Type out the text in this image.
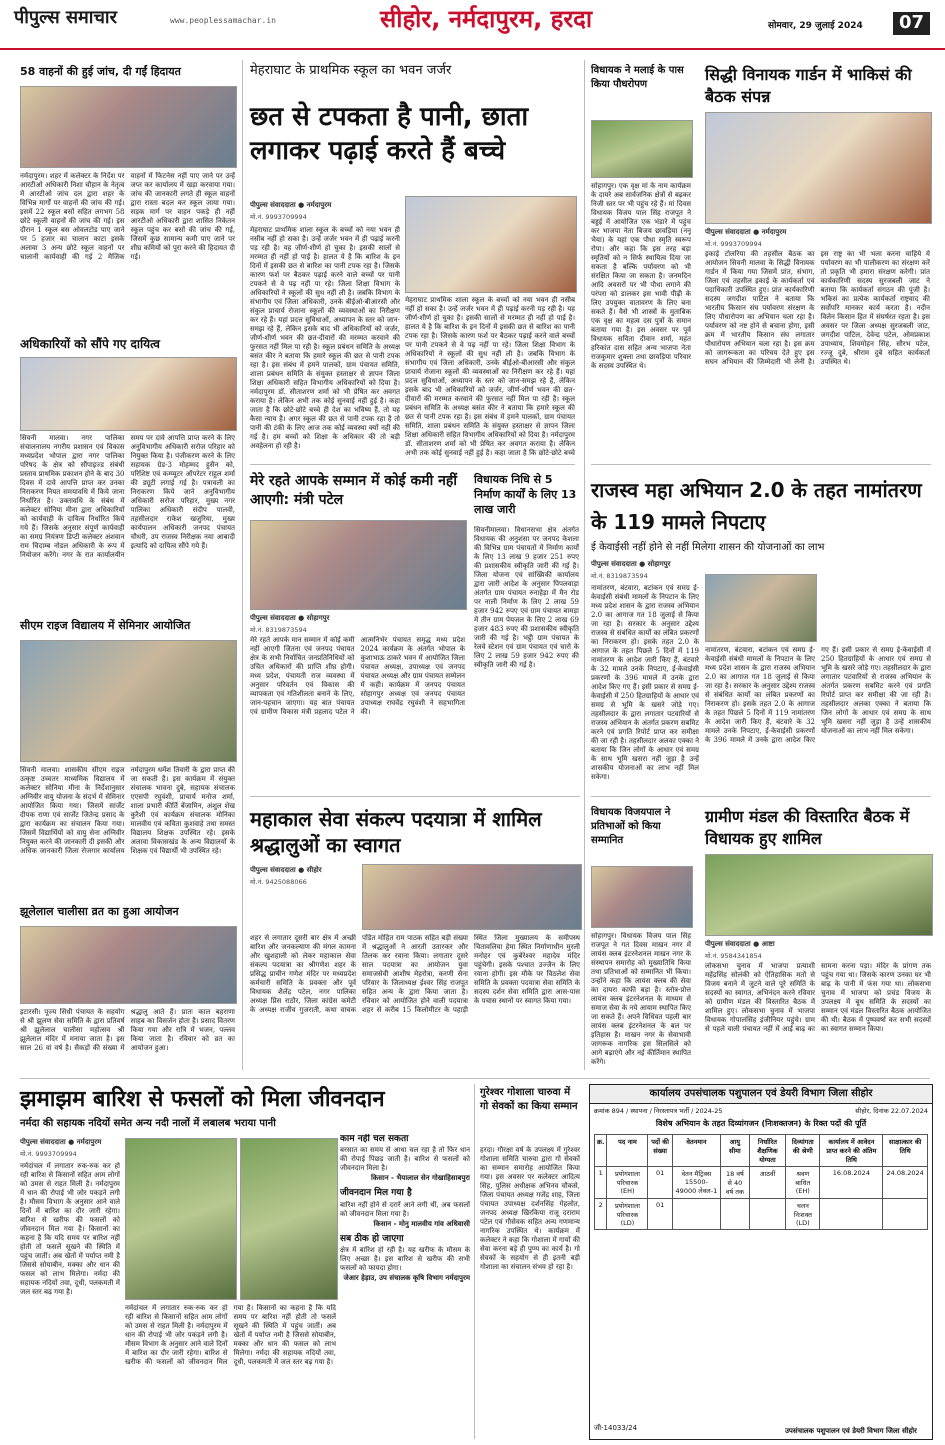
पीपुल्स समाचार	www.peoplessamachar.in	सीहोर, नर्मदापुरम, हरदा	सोमवार, 29 जुलाई 2024	07
58 वाहनों की हुई जांच, दी गईं हिदायत
नर्मदापुरम। शहर में कलेक्टर के निर्देश पर आरटीओ अधिकारी निशा चौहान के नेतृत्व में आरटीओ जांच दल द्वारा शहर के विभिन्न मार्गों पर वाहनों की जांच की गई। इसमें 22 स्कूल बसों सहित लगभग 58 छोटे स्कूली वाहनों की जांच की गई। इस दौरान 1 स्कूल बस ओवलटोड पाए जाने पर 5 हजार का चालान काटा इसके अलावा 3 अन्य छोटे स्कूल वाहनों पर चालानी कार्यवाही की गई 2 मैजिक वाहनों में फिटनेस नहीं पाए जाने पर उन्हें जप्त कर कार्यालय में खड़ा करवाया गया। जांच की जानकारी लगते ही स्कूल वाहनों द्वारा रास्ता बदल कर स्कूल जाया गया। सड़क मार्ग पर वाहन पकड़े ही नहीं आरटीओ अधिकारी द्वारा शासित निकेतन स्कूल पहुंच कर बसों की जांच की गई, जिसमें कुछ सामान्य कमी पाए जाने पर शीघ्र कमियों को पूरा करने की हिदायत दी गई।
अधिकारियों को सौंपे गए दायित्व
सिवनी मालवा। नगर पालिका संचालनालय नगरीय प्रशासन एवं विकास मध्यप्रदेश भोपाल द्वारा नगर पालिका परिषद के क्षेत्र को सौंपाइज्ड संबंधी प्रस्ताव प्राथमिक प्रकाशन होने के बाद 30 दिवस में दावे आपत्ति प्राप्त कर उनका निराकरण नियत समयावधि में किये जाना निर्धारित है। उक्तावधि के संबंध में कलेक्टर सोनिया मीना द्वारा अधिकारियों को कार्यवाही के दायित्व निर्धारित किये गये हैं। जिसके अनुसार संपूर्ण कार्यवाही का समग्र नियंत्रण डिप्टी कलेक्टर अंशवान राम चिदाम्ब नोडल अधिकारी के रूप में नियोजन करेंगे। नगर के रात कार्यालयीन समय पर दावे आपत्ति प्राप्त करने के लिए अनुविभागीय अधिकारी सरोज परिहार को नियुक्त किया है। पंजीकरण करने के लिए सहायक ग्रेड-3 मोहम्मद हुसैन को, परिशिष्ट एवं कम्प्यूटर ऑपरेटर राहुल शर्मा की ड्यूटी लगाई गई है। पत्रावली का निराकरण किये जाने अनुविभागीय अधिकारी सरोज परिहार, मुख्य नगर पालिका अधिकारी संदीप पालवी, तहसीलदार राकेश खजुरिया, मुख्य कार्यपालन अधिकारी जनपद पंचायत चौधरी, उप राजस्व निरीक्षक नया आबादी इत्यादि को दायित्व सौंपे गये हैं।
सीएम राइज विद्यालय में सेमिनार आयोजित
सिवनी मालवा। शासकीय सीएम राइज उत्कृष्ट उच्चतर माध्यमिक विद्यालय में कलेक्टर सोनिया मीना के निर्देशानुसार अग्निवीर वायु योजना के संदर्भ में सेमिनार आयोजित किया गया। जिसमें सार्जेंट दीपक राणा एवं सार्जेंट जितेन्द्र प्रसाद के द्वारा कार्यक्रम का संचालन किया गया। जिसमें विद्यार्थियों को वायु सेना अग्निवीर नियुक्त करने की जानकारी दी इसकी और अधिक जानकारी जिला रोजगार कार्यालय नर्मदापुरम धर्मेश तिवारी के द्वारा प्राप्त की जा सकती है। इस कार्यक्रम में संयुक्त संचालक भावना दुबे, सहायक संचालक एएसपी रघुवंशी, प्राचार्य मनोज शर्मा, शाला प्रभारी कीर्ति बेंजामिन, अंशुल शेख कुरैशी एवं कार्यक्रम संचालक मोनिका मालवीय एवं कविता कुशवाहे तथा समस्त विद्यालय शिक्षक उपस्थित रहे। इसके अलावा विकासखंड के अन्य विद्यालयों के शिक्षक एवं विद्यार्थी भी उपस्थित रहे।
झूलेलाल चालीसा व्रत का हुआ आयोजन
इटारसी। पूज्य सिंधी पंचायत के सहयोग से श्री झूलण सेवा समिति के द्वारा प्रतिवर्ष श्री झूलेलाल चालीसा महोत्सव श्री झूलेलाल मंदिर में मनाया जाता है। इस साल 26 वां वर्ष है। सैकड़ों की संख्या में श्रद्धालु आते हैं। प्रातः काल बहराणा साहब का विसर्जन होता है। प्रसाद वितरण किया गया और रात्रि में भजन, पल्लव किया जाता है। रविवार को व्रत का आयोजन हुआ।
मेहराघाट के प्राथमिक स्कूल का भवन जर्जर
छत से टपकता है पानी, छाता लगाकर पढ़ाई करते हैं बच्चे
पीपुल्स संवाददाता ● नर्मदापुरम
मो.नं. 9993709994
मेहराघाट प्राथमिक शाला स्कूल के बच्चों को नया भवन ही नसीब नहीं हो सका है। उन्हें जर्जर भवन में ही पढ़ाई करनी पड़ रही है। यह जीर्ण-शीर्ण हो चुका है। इसकी सालों से मरम्मत ही नहीं हो पाई है। हालत ये है कि बारिश के इन दिनों में इसकी छत से बारिश का पानी टपक रहा है। जिसके कारण फर्श पर बैठकर पढ़ाई करने वाले बच्चों पर पानी टपकने से वे पढ़ नहीं पा रहे। जिला शिक्षा विभाग के अधिकारियों ने स्कूलों की सुध नहीं ली है। जबकि विभाग के संभागीय एवं जिला अधिकारी, उनके बीईओ-बीआरसी और संकुल प्राचार्य रोजाना स्कूलों की व्यवस्थाओं का निरीक्षण कर रहे हैं। यहां प्रदत्त सुविधाओं, अध्यापन के स्तर को जान-समझ रहे हैं, लेकिन इसके बाद भी अधिकारियों को जर्जर, जीर्ण-शीर्ण भवन की छत-दीवारों की मरम्मत करवाने की फुरसत नहीं मिल पा रही है। स्कूल प्रबंधन समिति के अध्यक्ष बसंत कीर ने बताया कि हमारे स्कूल की छत से पानी टपक रहा है। इस संबंध में हमने पालकों, ग्राम पंचायत समिति, शाला प्रबंधन समिति के संयुक्त हस्ताक्षर से ज्ञापन जिला शिक्षा अधिकारी सहित विभागीय अधिकारियों को दिया है। नर्मदापुरम डॉ. सीताशरण शर्मा को भी प्रेषित कर अवगत कराया है। लेकिन अभी तक कोई सुनवाई नहीं हुई है। कहा जाता है कि छोटे-छोटे बच्चे ही देश का भविष्य हैं, तो यह कैसा न्याय है। अगर स्कूल की छत से पानी टपक रहा है तो पानी की टंकी के लिए आज तक कोई व्यवस्था क्यों नहीं की गई है। हम बच्चों को शिक्षा के अधिकार की तो बड़ी अवहेलना हो रही है।
मेहराघाट प्राथमिक शाला स्कूल के बच्चों को नया भवन ही नसीब नहीं हो सका है। उन्हें जर्जर भवन में ही पढ़ाई करनी पड़ रही है। यह जीर्ण-शीर्ण हो चुका है। इसकी सालों से मरम्मत ही नहीं हो पाई है। हालत ये है कि बारिश के इन दिनों में इसकी छत से बारिश का पानी टपक रहा है। जिसके कारण फर्श पर बैठकर पढ़ाई करने वाले बच्चों पर पानी टपकने से वे पढ़ नहीं पा रहे। जिला शिक्षा विभाग के अधिकारियों ने स्कूलों की सुध नहीं ली है। जबकि विभाग के संभागीय एवं जिला अधिकारी, उनके बीईओ-बीआरसी और संकुल प्राचार्य रोजाना स्कूलों की व्यवस्थाओं का निरीक्षण कर रहे हैं। यहां प्रदत्त सुविधाओं, अध्यापन के स्तर को जान-समझ रहे हैं, लेकिन इसके बाद भी अधिकारियों को जर्जर, जीर्ण-शीर्ण भवन की छत-दीवारों की मरम्मत करवाने की फुरसत नहीं मिल पा रही है। स्कूल प्रबंधन समिति के अध्यक्ष बसंत कीर ने बताया कि हमारे स्कूल की छत से पानी टपक रहा है। इस संबंध में हमने पालकों, ग्राम पंचायत समिति, शाला प्रबंधन समिति के संयुक्त हस्ताक्षर से ज्ञापन जिला शिक्षा अधिकारी सहित विभागीय अधिकारियों को दिया है। नर्मदापुरम डॉ. सीताशरण शर्मा को भी प्रेषित कर अवगत कराया है। लेकिन अभी तक कोई सुनवाई नहीं हुई है। कहा जाता है कि छोटे-छोटे बच्चे
मेरे रहते आपके सम्मान में कोई कमी नहीं आएगी: मंत्री पटेल
पीपुल्स संवाददाता ● सोहागपुर
मो.नं. 8319873594
मेरे रहते आपके मान सम्मान में कोई कमी नहीं आएगी जितना एवं जनपद पंचायत क्षेत्र के सभी निर्वाचित जनप्रतिनिधियों को उचित अधिकारों की प्राप्ति शीघ्र होगी। मध्य प्रदेश, पंचायती राज व्यवस्था में अनुसार परिवर्तन एवं विकास की व्यापकता एवं गतिशीलता बनाने के लिए, जान-पहचान जाएगा। यह बात पंचायत एवं ग्रामीण विकास मंत्री प्रहलाद पटेल ने आत्मनिर्भर पंचायत समृद्ध मध्य प्रदेश 2024 कार्यक्रम के अंतर्गत भोपाल के कुशाभाऊ ठाकरे भवन में आयोजित जिला पंचायत अध्यक्ष, उपाध्यक्ष एवं जनपद पंचायत अध्यक्ष और ग्राम पंचायत सम्मेलन में कही। कार्यक्रम में जनपद पंचायत सोहागपुर अध्यक्ष एवं जनपद पंचायत उपाध्यक्ष राघवेंद्र रघुवंशी ने सहभागिता की।
विधायक निधि से 5 निर्माण कार्यों के लिए 13 लाख जारी
सिवनीमालवा। विधानसभा क्षेत्र अंतर्गत विधायक की अनुशंसा पर जनपद केशला की विभिन्न ग्राम पंचायतों में निर्माण कार्यों के लिए 13 लाख 9 हजार 251 रुपए की प्रशासकीय स्वीकृति जारी की गई है। जिला योजना एवं सांख्यिकी कार्यालय द्वारा जारी आदेश के अनुसार पिपलवाड़ा अंतर्गत ग्राम पंचायत रुनाहेड़ा में मैन रोड पर नाली निर्माण के लिए 2 लाख 59 हजार 942 रुपए एवं ग्राम पंचायत बामड़ा में तीन ग्राम पेयजल के लिए 2 लाख 69 हजार 483 रुपए की प्रशासकीय स्वीकृति जारी की गई है। भट्ठी ग्राम पंचायत के रेलवे स्टेशन एवं ग्राम पंचायत एवं चारो के लिए 2 लाख 59 हजार 942 रुपए की स्वीकृति जारी की गई है।
महाकाल सेवा संकल्प पदयात्रा में शामिल श्रद्धालुओं का स्वागत
पीपुल्स संवाददाता ● सीहोर
मो.नं. 9425088066
शहर से लगातार दूसरी बार क्षेत्र में अच्छी बारिश और जनकल्याण की मंगल कामना और खुशहाली को लेकर महाकाल सेवा संकल्प पदयात्रा का श्रीगणेश शहर के प्रसिद्ध प्राचीन गणेश मंदिर पर मध्यप्रदेश कर्मचारी समिति के प्रवक्ता और पूर्व विधायक शैलेंद्र पटेल, नगर पालिका अध्यक्ष प्रिंस राठौर, जिला कांग्रेस कमेटी के अध्यक्ष राजीव गुजराती, कथा वाचक पंडित मोहित राम पाठक सहित बड़ी संख्या में श्रद्धालुओं ने आरती उतारकर और तिलक कर रवाना किया। लगातार दूसरे साल पदयात्रा का आयोजन युवा समाजसेवी आशीष मेहरोत्रा, करणी सेना परिवार के जिलाध्यक्ष ईश्वर सिंह राजपूत सहित अन्य के द्वारा किया जाता है। रविवार को आयोजित होने वाली पदयात्रा शहर से करीब 15 किलोमीटर के पहाड़ी स्थित जिला मुख्यालय के समीपस्थ चितावलिया हेमा स्थित निर्माणाधीन मुरली मनोहर एवं कुबेरेश्वर महादेव मंदिर पहुंचेगी। इसके पश्चात उज्जैन के लिए रवाना होगी। इस मौके पर विठलेश सेवा समिति के प्रवक्ता पदयात्रा सेवा समिति के सदस्य दर्शन सेवा समिति द्वारा आस-पास के पचास स्थानों पर स्वागत किया गया।
विधायक ने मलाई के पास किया पौधरोपण
सोहागपुर। एक वृक्ष मां के नाम कार्यक्रम के दायरे अब सार्वजनिक क्षेत्रों से बढ़कर निजी स्तर पर भी पहुंच रहे हैं। मां दिवस विधायक विजय पाल सिंह राजपूत ने बड्डई में आयोजित एक भंडारे में पहुंच कर भाजपा नेता बिजय छावड़िया (ननू भैया) के यहां एक पौधा स्मृति स्वरूप रोपा। और कहा कि इस तरह बड़ा स्मृतियों को न सिर्फ स्थायित्व दिया जा सकता है बल्कि पर्यावरण को भी संरक्षित किया जा सकता है। जनमदिन आदि अवसरों पर भी पौधा लगाने की परंपरा को डालकर इस भावी पीढ़ी के लिए उपयुक्त वातावरण के लिए बना सकते हैं। वैसे भी शास्त्रों के मुताबिक एक वृक्ष का महत्व दस पुत्रों के समान बताया गया है। इस अवसर पर पूर्व विधायक सविता दीवान शर्मा, महंत हरिकांत दास सहित अन्य भाजपा नेता राजकुमार शुक्ला तथा छावड़िया परिवार के सदस्य उपस्थित थे।
सिद्धी विनायक गार्डन में भाकिसं की बैठक संपन्न
पीपुल्स संवाददाता ● नर्मदापुरम
मो.नं. 9993709994
इकाई टोलरिया की तहसील बैठक का आयोजन सिवनी मालवा के सिद्धी विनायक गार्डन में किया गया जिसमें प्रांत, संभाग, जिला एवं तहसील इकाई के कार्यकर्ता एवं पदाधिकारी उपस्थित हुए। प्रांत कार्यकारिणी सदस्य जगदीश पाटिल ने बताया कि भारतीय किसान संघ पर्यावरण संरक्षण के लिए पौधारोपण का अभियान चला रहा है। पर्यावरण को नष्ट होने से बचाना होगा, इसी क्रम में भारतीय किसान संघ लगातार पौधारोपण अभियान चला रहा है। इस क्रम को जागरूकता का परिचय देते हुए इस सघन अभियान की जिम्मेदारी भी लेनी है। इस राष्ट्र का भी भला करना चाहिये ये पर्यावरण का भी पालीकरण का संरक्षण करें तो प्रकृति भी हमारा संरक्षण करेगी। प्रांत कार्यकारिणी सदस्य सुरजबली जाट ने बताया कि कार्यकर्ता संगठन की पूंजी है। भकिसं का प्रत्येक कार्यकर्ता राष्ट्रवाद की सर्वोपरि मानकर कार्य करता है। नदीन विलेन किसान हित में संघर्षरत रहता है। इस अवसर पर जिला अध्यक्ष सुरजबली जाट, जगदीश पाटिल, देवेन्द्र पटेल, ओमप्रकाश उपाध्याय, शिवमोहन सिंह, सौरभ पटेल, रज्जू दुबे, श्रीराम दुबे सहित कार्यकर्ता उपस्थित थे।
राजस्व महा अभियान 2.0 के तहत नामांतरण के 119 मामले निपटाए
ई केवाईसी नहीं होने से नहीं मिलेगा शासन की योजनाओं का लाभ
पीपुल्स संवाददाता ● सोहागपुर
मो.नं. 8319873594
नामांतरण, बंटवारा, बटांकन एवं समग्र ई-केवाईसी संबंधी मामलों के निपटान के लिए मध्य प्रदेश शासन के द्वारा राजस्व अभियान 2.0 का आगाज गत 18 जुलाई से किया जा रहा है। सरकार के अनुसार उद्देश्य राजस्व से संबंधित कार्यों का लंबित प्रकरणों का निराकरण हो। इसके तहत 2.0 के आगाज के तहत पिछले 5 दिनों में 119 नामांतरण के आदेश जारी किए हैं, बंटवारे के 32 मामले उनके निपटाए, ई-केवाईसी प्रकरणों के 396 मामले में उनके द्वारा आदेश किए गए हैं। इसी प्रकार से समग्र ई-केवाईसी में 250 हितग्राहियों के आधार एवं समग्र से भूमि के खसरे जोड़े गए। तहसीलदार के द्वारा लगातार पटवारियों से राजस्व अभियान के अंतर्गत प्रकरण सबमिट करने एवं प्रगति रिपोर्ट प्राप्त कर समीक्षा की जा रही है। तहसीलदार अलका एक्का ने बताया कि जिन लोगों के आधार एवं समग्र के साथ भूमि खसरा नहीं जुड़ा है उन्हें शासकीय योजनाओं का लाभ नहीं मिल सकेगा।
नामांतरण, बंटवारा, बटांकन एवं समग्र ई-केवाईसी संबंधी मामलों के निपटान के लिए मध्य प्रदेश शासन के द्वारा राजस्व अभियान 2.0 का आगाज गत 18 जुलाई से किया जा रहा है। सरकार के अनुसार उद्देश्य राजस्व से संबंधित कार्यों का लंबित प्रकरणों का निराकरण हो। इसके तहत 2.0 के आगाज के तहत पिछले 5 दिनों में 119 नामांतरण के आदेश जारी किए हैं, बंटवारे के 32 मामले उनके निपटाए, ई-केवाईसी प्रकरणों के 396 मामले में उनके द्वारा आदेश किए गए हैं। इसी प्रकार से समग्र ई-केवाईसी में 250 हितग्राहियों के आधार एवं समग्र से भूमि के खसरे जोड़े गए। तहसीलदार के द्वारा लगातार पटवारियों से राजस्व अभियान के अंतर्गत प्रकरण सबमिट करने एवं प्रगति रिपोर्ट प्राप्त कर समीक्षा की जा रही है। तहसीलदार अलका एक्का ने बताया कि जिन लोगों के आधार एवं समग्र के साथ भूमि खसरा नहीं जुड़ा है उन्हें शासकीय योजनाओं का लाभ नहीं मिल सकेगा।
विधायक विजयपाल ने प्रतिभाओं को किया सम्मानित
सोहागपुर। विधायक विजय पाल सिंह राजपूत ने गत दिवस माखन नगर में लायंस क्लब इंटरनेशनल माखन नगर के संस्थापन समारोह को मुख्यातिथि किया तथा प्रतिभाओं को सम्मानित भी किया। उन्होंने कहा कि लायंस क्लब की सेवा का दायरा काफी बड़ा है। स्तोत्र-प्रोत्त लायंस क्लब इंटरनेशनल के माध्यम से समाज सेवा के नये आयाम स्थापित किए जा सकते हैं। अपने विधिवत पहली बार लायंस क्लब इंटरनेशनल के बल पर इतिहास है। माखन नगर के सेवाभावी जागरूक नागरिक इस सिलसिले को आगे बढ़ाएंगे और नई कीर्तिमान स्थापित करेंगे।
ग्रामीण मंडल की विस्तारित बैठक में विधायक हुए शामिल
पीपुल्स संवाददाता ● आष्टा
मो.नं. 9584341854
लोकसभा चुनाव में भाजपा प्रत्याशी महेंद्रसिंह सोलंकी को ऐतिहासिक मतों से विजय बनाने में जुटने वाले पूरे समिति के सदस्यों का स्वागत, अभिनंदन करने रविवार को ग्रामीण मंडल की विस्तारित बैठक में शामिल हुए। लोकसभा चुनाव में भाजपा विधायक गोपालसिंह इंजीनियर पहुंचे। ग्राम से पहले वाली पंचायत नहीं में आई बाढ़ का सामना करना पड़ा। मंदिर के प्रांगण तक पहुंच गया था। जिसके कारण उनका घर भी बाढ़ के पानी में फंस गया था। लोकसभा चुनाव में भाजपा को प्रचंड विजय के उपलक्ष्य में बूथ समिति के सदस्यों का सम्मान एवं मंडल विस्तारित बैठक आयोजित की थी। बैठक में पुष्पवर्षा कर सभी सदस्यों का स्वागत सम्मान किया।
झमाझम बारिश से फसलों को मिला जीवनदान
नर्मदा की सहायक नदियों समेत अन्य नदी नालों में लबालब भराया पानी
पीपुल्स संवाददाता ● नर्मदापुरम
मो.नं. 9993709994
नर्मदांचल में लगातार रुक-रुक कर हो रही बारिश से किसानों सहित आम लोगों को उमस से राहत मिली है। नर्मदापुरम में धान की रोपाई भी जोर पकड़ने लगी है। मौसम विभाग के अनुसार आने वाले दिनों में बारिश का दौर जारी रहेगा। बारिश से खरीफ की फसलों को जीवनदान मिल गया है। किसानों का कहना है कि यदि समय पर बारिश नहीं होती तो फसलें सूखने की स्थिति में पहुंच जातीं। अब खेतों में पर्याप्त नमी है जिससे सोयाबीन, मक्का और धान की फसल को लाभ मिलेगा। नर्मदा की सहायक नदियों तवा, दूधी, पलकमती में जल स्तर बढ़ गया है।
नर्मदांचल में लगातार रुक-रुक कर हो रही बारिश से किसानों सहित आम लोगों को उमस से राहत मिली है। नर्मदापुरम में धान की रोपाई भी जोर पकड़ने लगी है। मौसम विभाग के अनुसार आने वाले दिनों में बारिश का दौर जारी रहेगा। बारिश से खरीफ की फसलों को जीवनदान मिल गया है। किसानों का कहना है कि यदि समय पर बारिश नहीं होती तो फसलें सूखने की स्थिति में पहुंच जातीं। अब खेतों में पर्याप्त नमी है जिससे सोयाबीन, मक्का और धान की फसल को लाभ मिलेगा। नर्मदा की सहायक नदियों तवा, दूधी, पलकमती में जल स्तर बढ़ गया है।
काम नहीं चल सकता
बरसात का समय से आधा चल रहा है तो फिर धान की रोपाई पिछड़ जाती है। बारिश से फसलों को जीवनदान मिला है।
किसान - भैयालाल सेन गोखाहिसाबपुरा
जीवनदान मिल गया है
बारिश नहीं होने से दरारें आने लगी थीं, अब फसलों को जीवनदान मिला गया है।
किसान - मोनु मालवीय गांव अधिवासी
सब ठीक हो जाएगा
क्षेत्र में बारिश हो रही है। यह खरीफ के मौसम के लिए अच्छा है। इस बारिश से खरीफ की सभी फसलों को फायदा होगा।
जेआर हेड़ाउ, उप संचालक कृषि विभाग नर्मदापुरम
गुरेश्वर गोशाला चारुवा में गो सेवकों का किया सम्मान
हरदा। गौरक्षा वर्ष के उपलक्ष्य में गुरेश्वर गोशाला समिति चारुवा द्वारा गो सेवकों का सम्मान समारोह आयोजित किया गया। इस अवसर पर कलेक्टर आदित्य सिंह, पुलिस अधीक्षक अभिनव चौकसे, जिला पंचायत अध्यक्ष गजेंद्र शाह, जिला पंचायत उपाध्यक्ष दर्शनसिंह गेहलोत, जनपद अध्यक्ष खिरकिया राजू दराराम पटेल एवं गौसेवक सहित अन्य गणमान्य नागरिक उपस्थित थे। कार्यक्रम में कलेक्टर ने कहा कि गोशाला में गायों की सेवा करना बड़े ही पुण्य का कार्य है। गो सेवकों के सहयोग से ही इतनी बड़ी गोशाला का संचालन संभव हो रहा है।
कार्यालय उपसंचालक पशुपालन एवं डेयरी विभाग जिला सीहोर
क्रमांक 894 / स्थापना / निरस्तापत्र भर्ती / 2024-25	सीहोर, दिनांक 22.07.2024
विशेष अभियान के तहत दिव्यांगजन (निःशक्तजन) के रिक्त पदों की पूर्ति
क्र.	पद नाम	पदों की संख्या	वेतनमान	आयु सीमा	निर्धारित शैक्षणिक योग्यता	दिव्यांगता की श्रेणी	कार्यालय में आवेदन प्राप्त करने की अंतिम तिथि	साक्षात्कार की तिथि
1	प्रयोगशाला परिचारक (EH)	01	वेतन मैट्रिक्स 15500-49000 लेवल-1	18 वर्ष से 40 वर्ष तक	आठवीं	श्रवण बाधित (EH)	16.08.2024	24.08.2024
2	प्रयोगशाला परिचारक (LD)	01				चलन निःशक्त (LD)		
जी-14033/24	उपसंचालक पशुपालन एवं डेयरी विभाग जिला सीहोर
